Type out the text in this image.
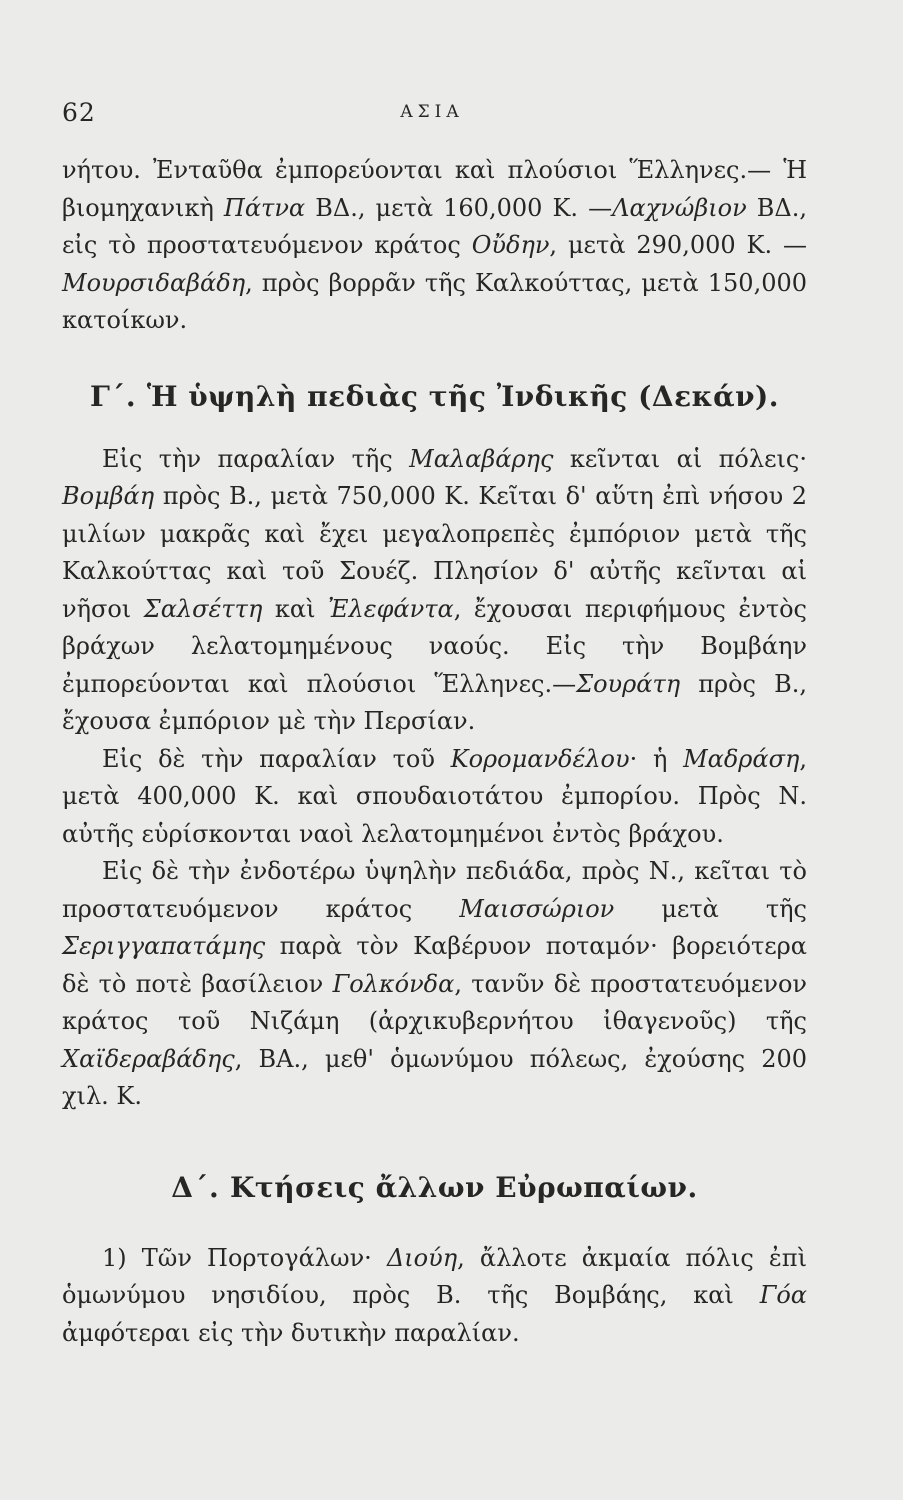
62	ΑΣΙΑ

νήτου. Ἐνταῦθα ἐμπορεύονται καὶ πλούσιοι Ἕλληνες.— Ἡ βιομηχανικὴ Πάτνα ΒΔ., μετὰ 160,000 Κ. —Λαχνώβιον ΒΔ., εἰς τὸ προστατευόμενον κράτος Οὔδην, μετὰ 290,000 Κ. —Μουρσιδαβάδη, πρὸς βορρᾶν τῆς Καλκούττας, μετὰ 150,000 κατοίκων.

Γ΄. Ἡ ὑψηλὴ πεδιὰς τῆς Ἰνδικῆς (Δεκάν).

Εἰς τὴν παραλίαν τῆς Μαλαβάρης κεῖνται αἱ πόλεις· Βομβάη πρὸς Β., μετὰ 750,000 Κ. Κεῖται δ' αὕτη ἐπὶ νήσου 2 μιλίων μακρᾶς καὶ ἔχει μεγαλοπρεπὲς ἐμπόριον μετὰ τῆς Καλκούττας καὶ τοῦ Σουέζ. Πλησίον δ' αὐτῆς κεῖνται αἱ νῆσοι Σαλσέττη καὶ Ἐλεφάντα, ἔχουσαι περιφήμους ἐντὸς βράχων λελατομημένους ναούς. Εἰς τὴν Βομβάην ἐμπορεύονται καὶ πλούσιοι Ἕλληνες.—Σουράτη πρὸς Β., ἔχουσα ἐμπόριον μὲ τὴν Περσίαν.

Εἰς δὲ τὴν παραλίαν τοῦ Κορομανδέλου· ἡ Μαδράση, μετὰ 400,000 Κ. καὶ σπουδαιοτάτου ἐμπορίου. Πρὸς Ν. αὐτῆς εὑρίσκονται ναοὶ λελατομημένοι ἐντὸς βράχου.

Εἰς δὲ τὴν ἐνδοτέρω ὑψηλὴν πεδιάδα, πρὸς Ν., κεῖται τὸ προστατευόμενον κράτος Μαισσώριον μετὰ τῆς Σεριγγαπατάμης παρὰ τὸν Καβέρυον ποταμόν· βορειότερα δὲ τὸ ποτὲ βασίλειον Γολκόνδα, τανῦν δὲ προστατευόμενον κράτος τοῦ Νιζάμη (ἀρχικυβερνήτου ἰθαγενοῦς) τῆς Χαϊδεραβάδης, ΒΑ., μεθ' ὁμωνύμου πόλεως, ἐχούσης 200 χιλ. Κ.

Δ΄. Κτήσεις ἄλλων Εὐρωπαίων.

1) Τῶν Πορτογάλων· Διούη, ἄλλοτε ἀκμαία πόλις ἐπὶ ὁμωνύμου νησιδίου, πρὸς Β. τῆς Βομβάης, καὶ Γόα ἀμφότεραι εἰς τὴν δυτικὴν παραλίαν.
